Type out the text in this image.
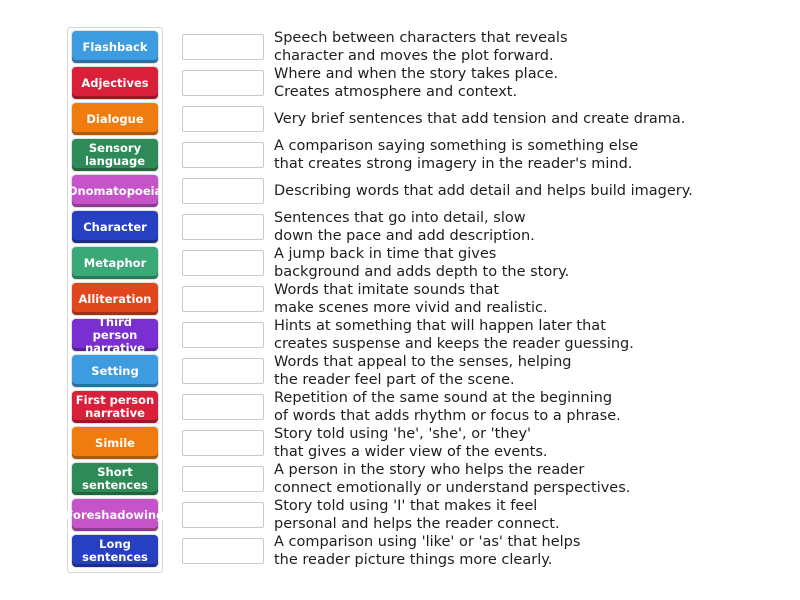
Flashback
Adjectives
Dialogue
Sensory
language
Onomatopoeia
Character
Metaphor
Alliteration
Third person
narrative
Setting
First person
narrative
Simile
Short
sentences
Foreshadowing
Long
sentences
Speech between characters that reveals
character and moves the plot forward.
Where and when the story takes place.
Creates atmosphere and context.
Very brief sentences that add tension and create drama.
A comparison saying something is something else
that creates strong imagery in the reader's mind.
Describing words that add detail and helps build imagery.
Sentences that go into detail, slow
down the pace and add description.
A jump back in time that gives
background and adds depth to the story.
Words that imitate sounds that
make scenes more vivid and realistic.
Hints at something that will happen later that
creates suspense and keeps the reader guessing.
Words that appeal to the senses, helping
the reader feel part of the scene.
Repetition of the same sound at the beginning
of words that adds rhythm or focus to a phrase.
Story told using 'he', 'she', or 'they'
that gives a wider view of the events.
A person in the story who helps the reader
connect emotionally or understand perspectives.
Story told using 'I' that makes it feel
personal and helps the reader connect.
A comparison using 'like' or 'as' that helps
the reader picture things more clearly.
